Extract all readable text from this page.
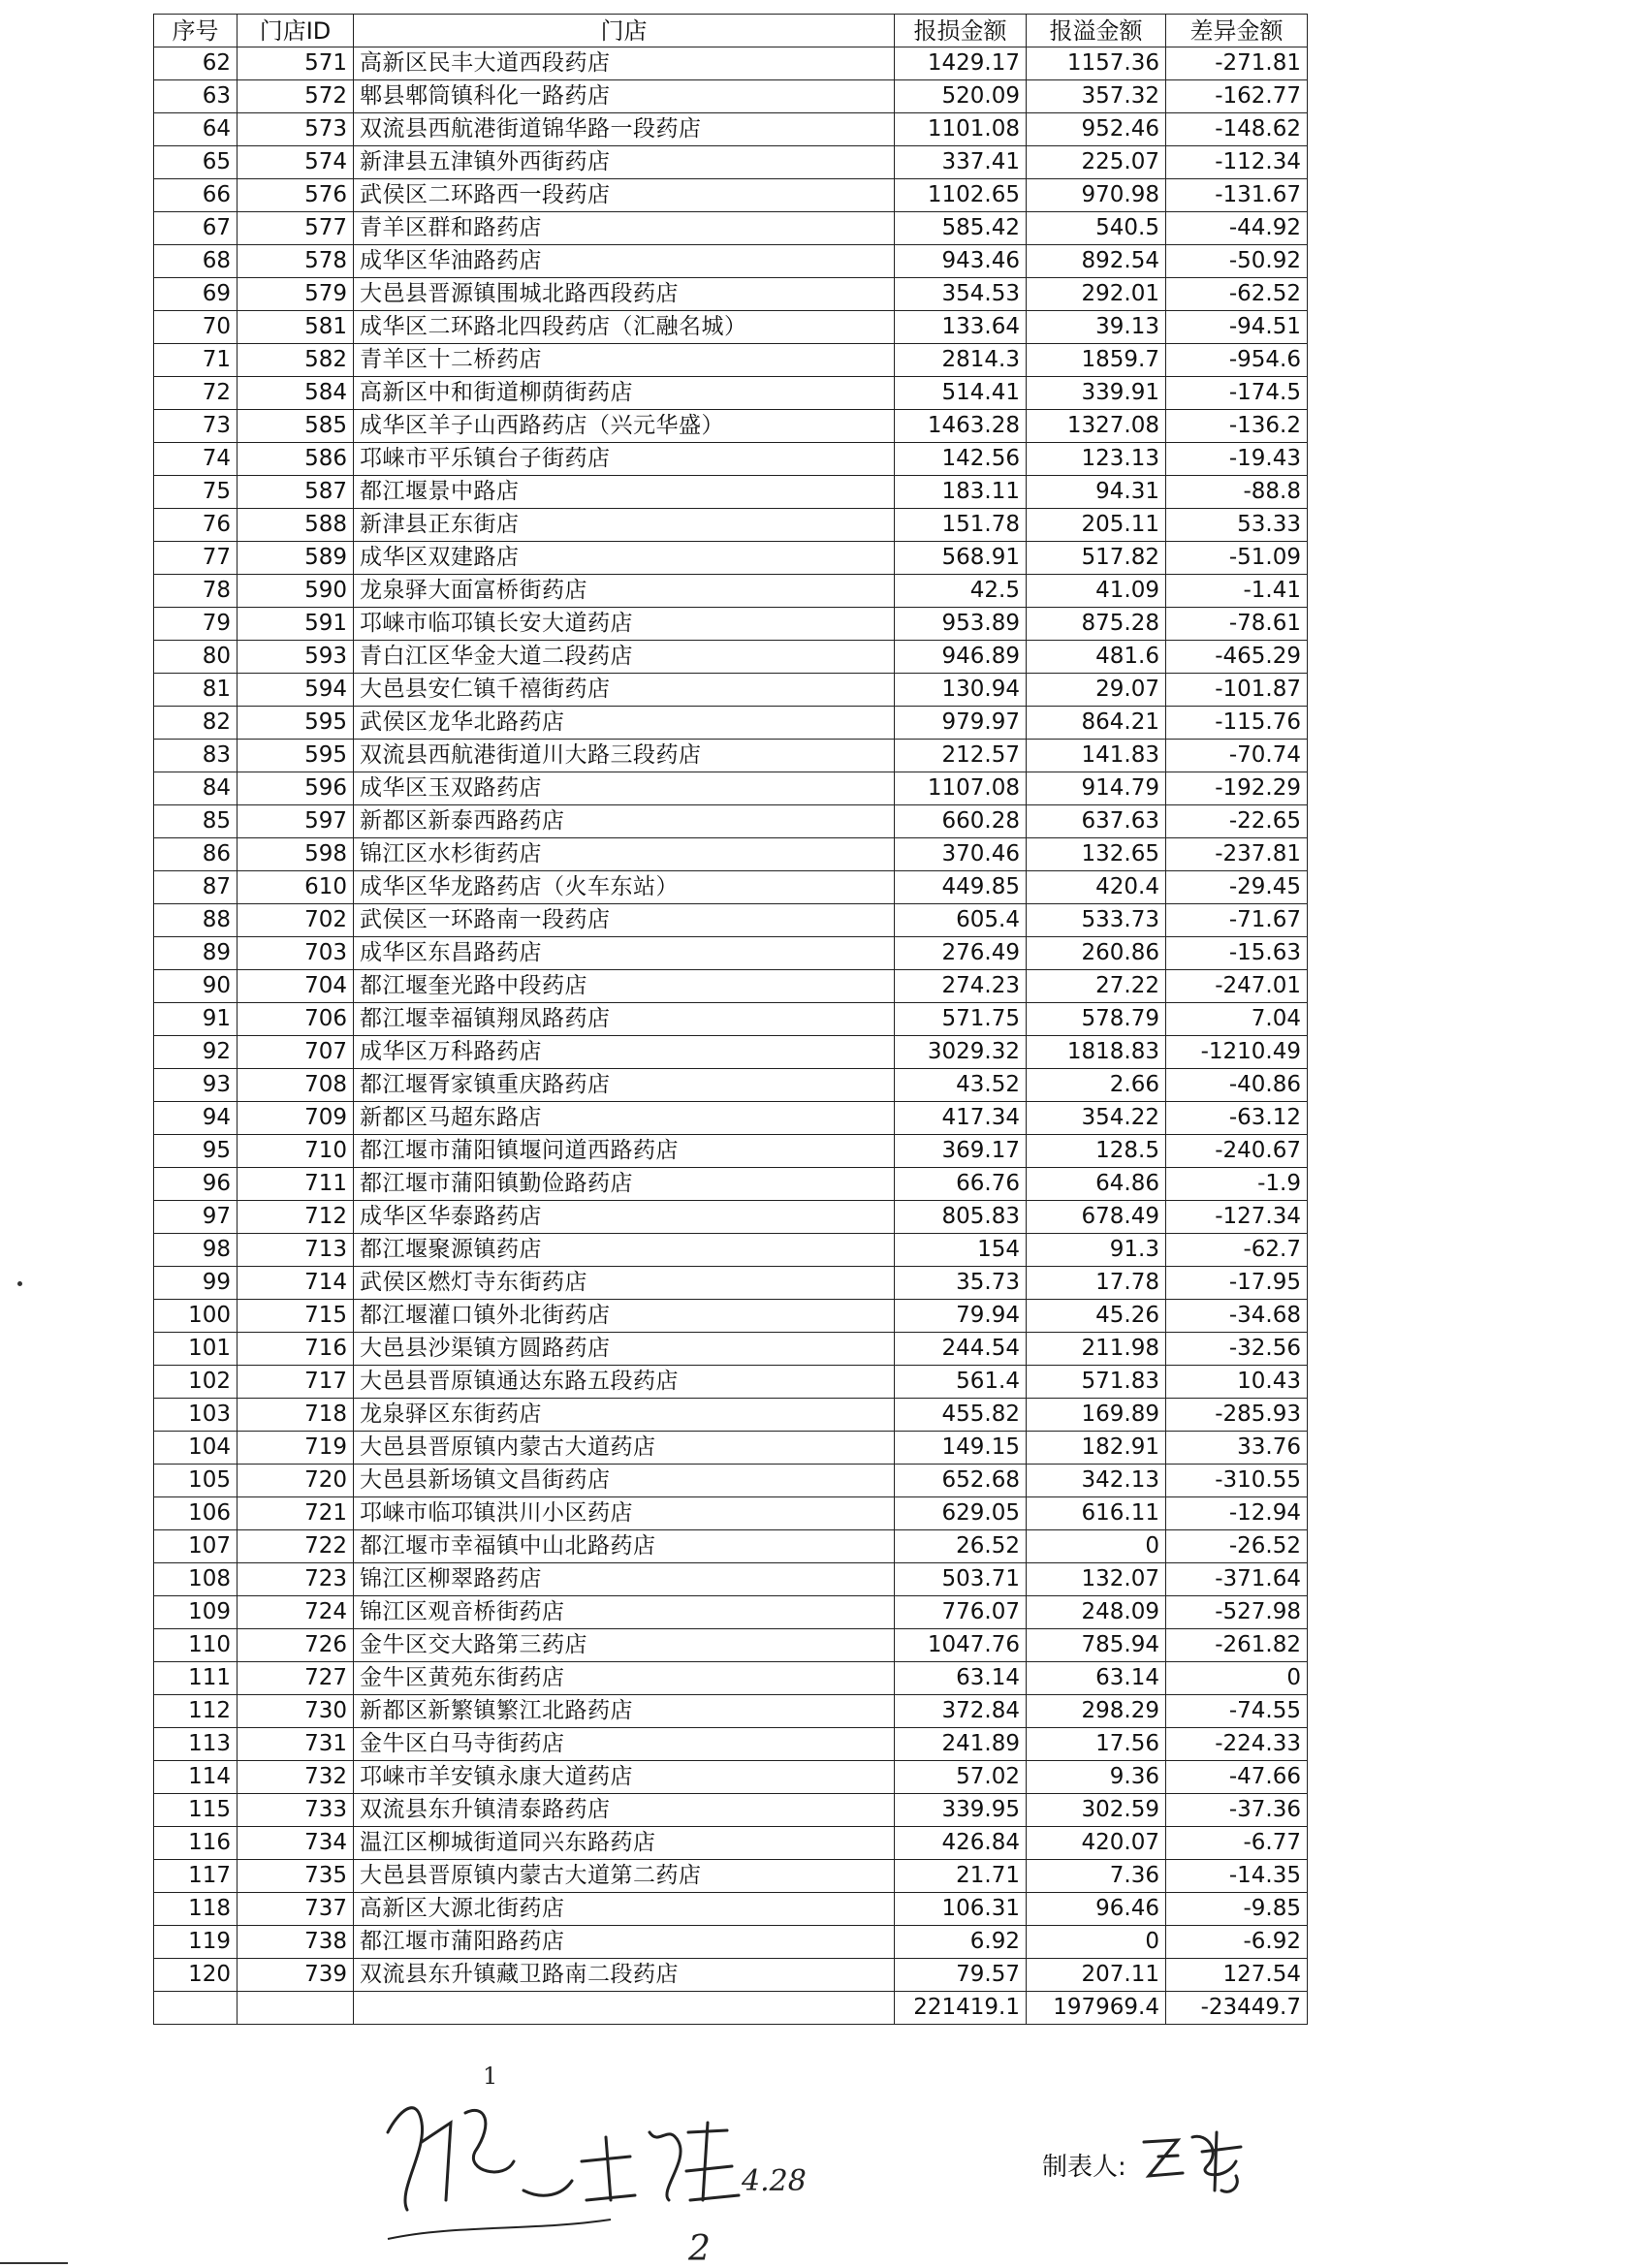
序号	门店ID	门店	报损金额	报溢金额	差异金额
62	571	高新区民丰大道西段药店	1429.17	1157.36	-271.81
63	572	郫县郫筒镇科化一路药店	520.09	357.32	-162.77
64	573	双流县西航港街道锦华路一段药店	1101.08	952.46	-148.62
65	574	新津县五津镇外西街药店	337.41	225.07	-112.34
66	576	武侯区二环路西一段药店	1102.65	970.98	-131.67
67	577	青羊区群和路药店	585.42	540.5	-44.92
68	578	成华区华油路药店	943.46	892.54	-50.92
69	579	大邑县晋源镇围城北路西段药店	354.53	292.01	-62.52
70	581	成华区二环路北四段药店（汇融名城）	133.64	39.13	-94.51
71	582	青羊区十二桥药店	2814.3	1859.7	-954.6
72	584	高新区中和街道柳荫街药店	514.41	339.91	-174.5
73	585	成华区羊子山西路药店（兴元华盛）	1463.28	1327.08	-136.2
74	586	邛崃市平乐镇台子街药店	142.56	123.13	-19.43
75	587	都江堰景中路店	183.11	94.31	-88.8
76	588	新津县正东街店	151.78	205.11	53.33
77	589	成华区双建路店	568.91	517.82	-51.09
78	590	龙泉驿大面富桥街药店	42.5	41.09	-1.41
79	591	邛崃市临邛镇长安大道药店	953.89	875.28	-78.61
80	593	青白江区华金大道二段药店	946.89	481.6	-465.29
81	594	大邑县安仁镇千禧街药店	130.94	29.07	-101.87
82	595	武侯区龙华北路药店	979.97	864.21	-115.76
83	595	双流县西航港街道川大路三段药店	212.57	141.83	-70.74
84	596	成华区玉双路药店	1107.08	914.79	-192.29
85	597	新都区新泰西路药店	660.28	637.63	-22.65
86	598	锦江区水杉街药店	370.46	132.65	-237.81
87	610	成华区华龙路药店（火车东站）	449.85	420.4	-29.45
88	702	武侯区一环路南一段药店	605.4	533.73	-71.67
89	703	成华区东昌路药店	276.49	260.86	-15.63
90	704	都江堰奎光路中段药店	274.23	27.22	-247.01
91	706	都江堰幸福镇翔凤路药店	571.75	578.79	7.04
92	707	成华区万科路药店	3029.32	1818.83	-1210.49
93	708	都江堰胥家镇重庆路药店	43.52	2.66	-40.86
94	709	新都区马超东路店	417.34	354.22	-63.12
95	710	都江堰市蒲阳镇堰问道西路药店	369.17	128.5	-240.67
96	711	都江堰市蒲阳镇勤俭路药店	66.76	64.86	-1.9
97	712	成华区华泰路药店	805.83	678.49	-127.34
98	713	都江堰聚源镇药店	154	91.3	-62.7
99	714	武侯区燃灯寺东街药店	35.73	17.78	-17.95
100	715	都江堰灌口镇外北街药店	79.94	45.26	-34.68
101	716	大邑县沙渠镇方圆路药店	244.54	211.98	-32.56
102	717	大邑县晋原镇通达东路五段药店	561.4	571.83	10.43
103	718	龙泉驿区东街药店	455.82	169.89	-285.93
104	719	大邑县晋原镇内蒙古大道药店	149.15	182.91	33.76
105	720	大邑县新场镇文昌街药店	652.68	342.13	-310.55
106	721	邛崃市临邛镇洪川小区药店	629.05	616.11	-12.94
107	722	都江堰市幸福镇中山北路药店	26.52	0	-26.52
108	723	锦江区柳翠路药店	503.71	132.07	-371.64
109	724	锦江区观音桥街药店	776.07	248.09	-527.98
110	726	金牛区交大路第三药店	1047.76	785.94	-261.82
111	727	金牛区黄苑东街药店	63.14	63.14	0
112	730	新都区新繁镇繁江北路药店	372.84	298.29	-74.55
113	731	金牛区白马寺街药店	241.89	17.56	-224.33
114	732	邛崃市羊安镇永康大道药店	57.02	9.36	-47.66
115	733	双流县东升镇清泰路药店	339.95	302.59	-37.36
116	734	温江区柳城街道同兴东路药店	426.84	420.07	-6.77
117	735	大邑县晋原镇内蒙古大道第二药店	21.71	7.36	-14.35
118	737	高新区大源北街药店	106.31	96.46	-9.85
119	738	都江堰市蒲阳路药店	6.92	0	-6.92
120	739	双流县东升镇藏卫路南二段药店	79.57	207.11	127.54
			221419.1	197969.4	-23449.7
1
4.28
2
制表人:
